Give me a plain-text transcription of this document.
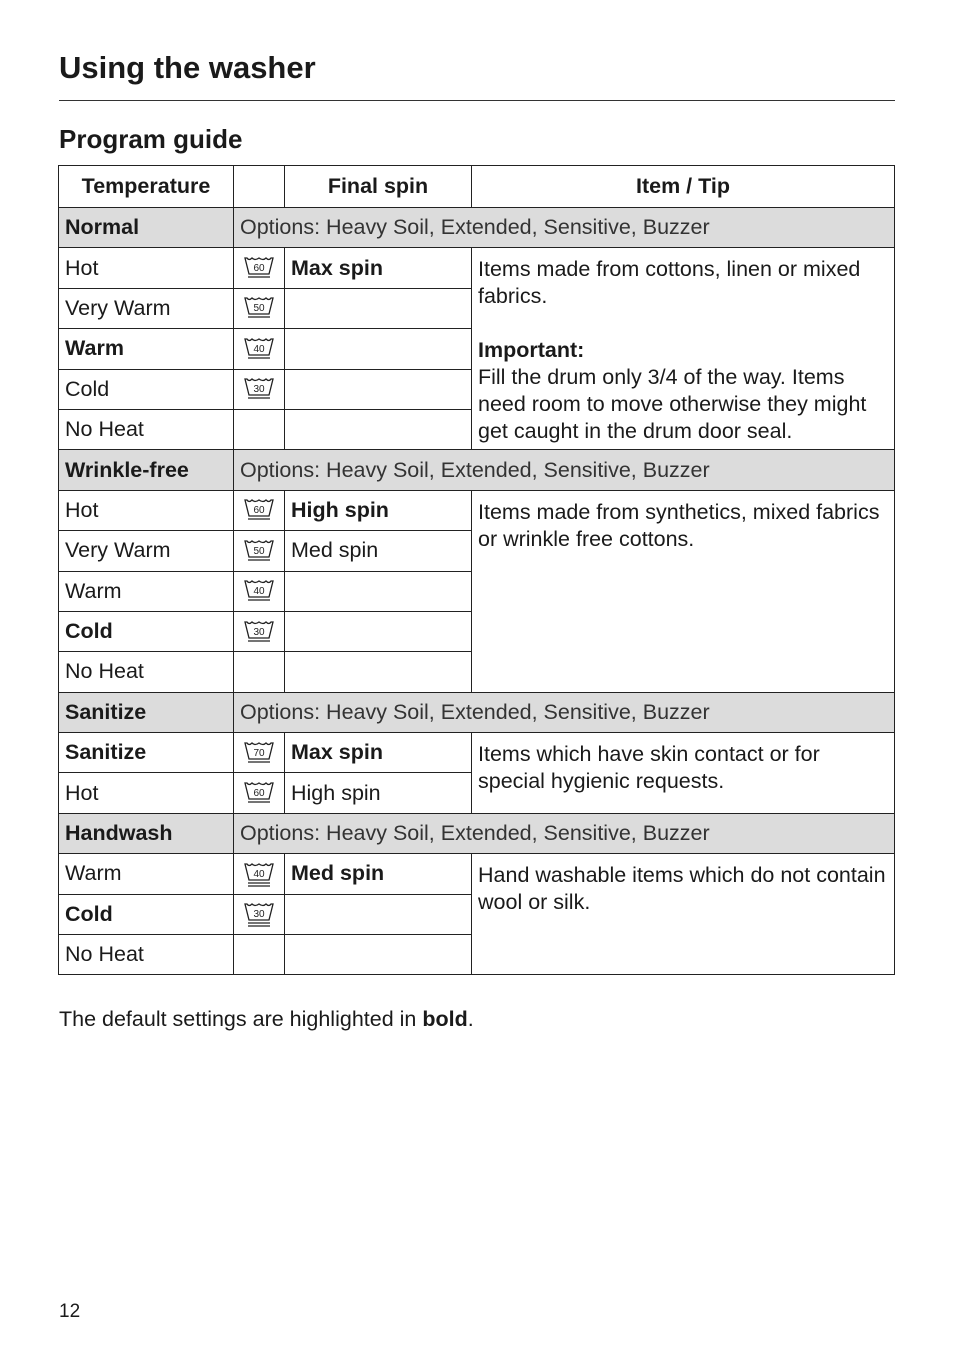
Using the washer
Program guide
Temperature		Final spin	Item / Tip
Normal	Options: Heavy Soil, Extended, Sensitive, Buzzer		
Hot	60	Max spin	Items made from cottons, linen or mixed fabrics.
Important:
Fill the drum only 3/4 of the way. Items need room to move otherwise they might get caught in the drum door seal.

Very Warm	50		

Warm	40		

Cold	30		

No Heat			
Wrinkle-free	Options: Heavy Soil, Extended, Sensitive, Buzzer		
Hot	60	High spin	Items made from synthetics, mixed fabrics or wrinkle free cottons.
Very Warm	50	Med spin	
Warm	40		

Cold	30		

No Heat			
Sanitize	Options: Heavy Soil, Extended, Sensitive, Buzzer		
Sanitize	70	Max spin	Items which have skin contact or for special hygienic requests.
Hot	60	High spin	
Handwash	Options: Heavy Soil, Extended, Sensitive, Buzzer		
Warm	40	Med spin	Hand washable items which do not contain wool or silk.
Cold	30		

No Heat			

The default settings are highlighted in bold.

12
